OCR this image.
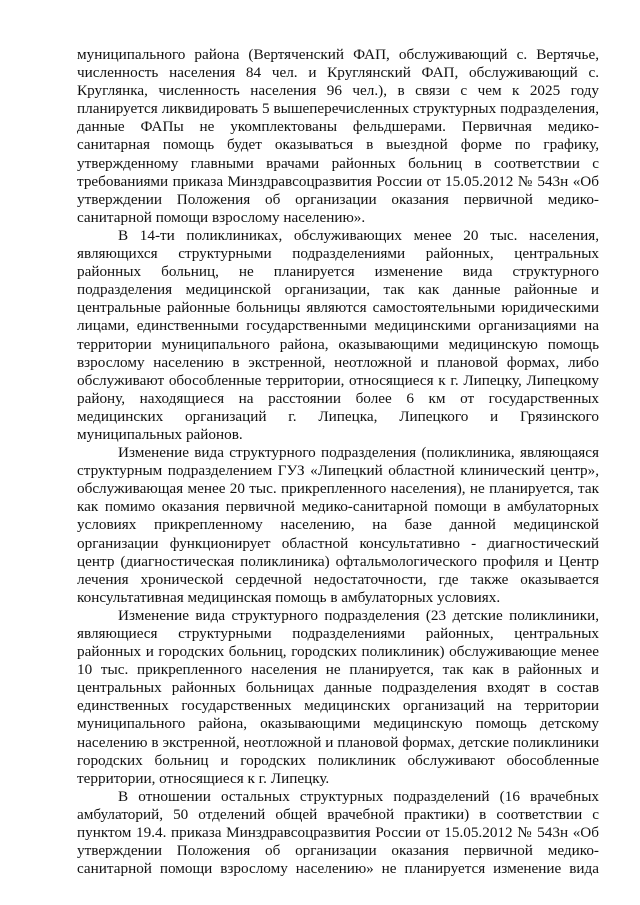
муниципального района (Вертяченский ФАП, обслуживающий с. Вертячье, численность населения 84 чел. и Круглянский ФАП, обслуживающий с. Круглянка, численность населения 96 чел.), в связи с чем к 2025 году планируется ликвидировать 5 вышеперечисленных структурных подразделения, данные ФАПы не укомплектованы фельдшерами. Первичная медико-санитарная помощь будет оказываться в выездной форме по графику, утвержденному главными врачами районных больниц в соответствии с требованиями приказа Минздравсоцразвития России от 15.05.2012 № 543н «Об утверждении Положения об организации оказания первичной медико-санитарной помощи взрослому населению».

В 14-ти поликлиниках, обслуживающих менее 20 тыс. населения, являющихся структурными подразделениями районных, центральных районных больниц, не планируется изменение вида структурного подразделения медицинской организации, так как данные районные и центральные районные больницы являются самостоятельными юридическими лицами, единственными государственными медицинскими организациями на территории муниципального района, оказывающими медицинскую помощь взрослому населению в экстренной, неотложной и плановой формах, либо обслуживают обособленные территории, относящиеся к г. Липецку, Липецкому району, находящиеся на расстоянии более 6 км от государственных медицинских организаций г. Липецка, Липецкого и Грязинского муниципальных районов.

Изменение вида структурного подразделения (поликлиника, являющаяся структурным подразделением ГУЗ «Липецкий областной клинический центр», обслуживающая менее 20 тыс. прикрепленного населения), не планируется, так как помимо оказания первичной медико-санитарной помощи в амбулаторных условиях прикрепленному населению, на базе данной медицинской организации функционирует областной консультативно - диагностический центр (диагностическая поликлиника) офтальмологического профиля и Центр лечения хронической сердечной недостаточности, где также оказывается консультативная медицинская помощь в амбулаторных условиях.

Изменение вида структурного подразделения (23 детские поликлиники, являющиеся структурными подразделениями районных, центральных районных и городских больниц, городских поликлиник) обслуживающие менее 10 тыс. прикрепленного населения не планируется, так как в районных и центральных районных больницах данные подразделения входят в состав единственных государственных медицинских организаций на территории муниципального района, оказывающими медицинскую помощь детскому населению в экстренной, неотложной и плановой формах, детские поликлиники городских больниц и городских поликлиник обслуживают обособленные территории, относящиеся к г. Липецку.

В отношении остальных структурных подразделений (16 врачебных амбулаторий, 50 отделений общей врачебной практики) в соответствии с пунктом 19.4. приказа Минздравсоцразвития России от 15.05.2012 № 543н «Об утверждении Положения об организации оказания первичной медико-санитарной помощи взрослому населению» не планируется изменение вида
